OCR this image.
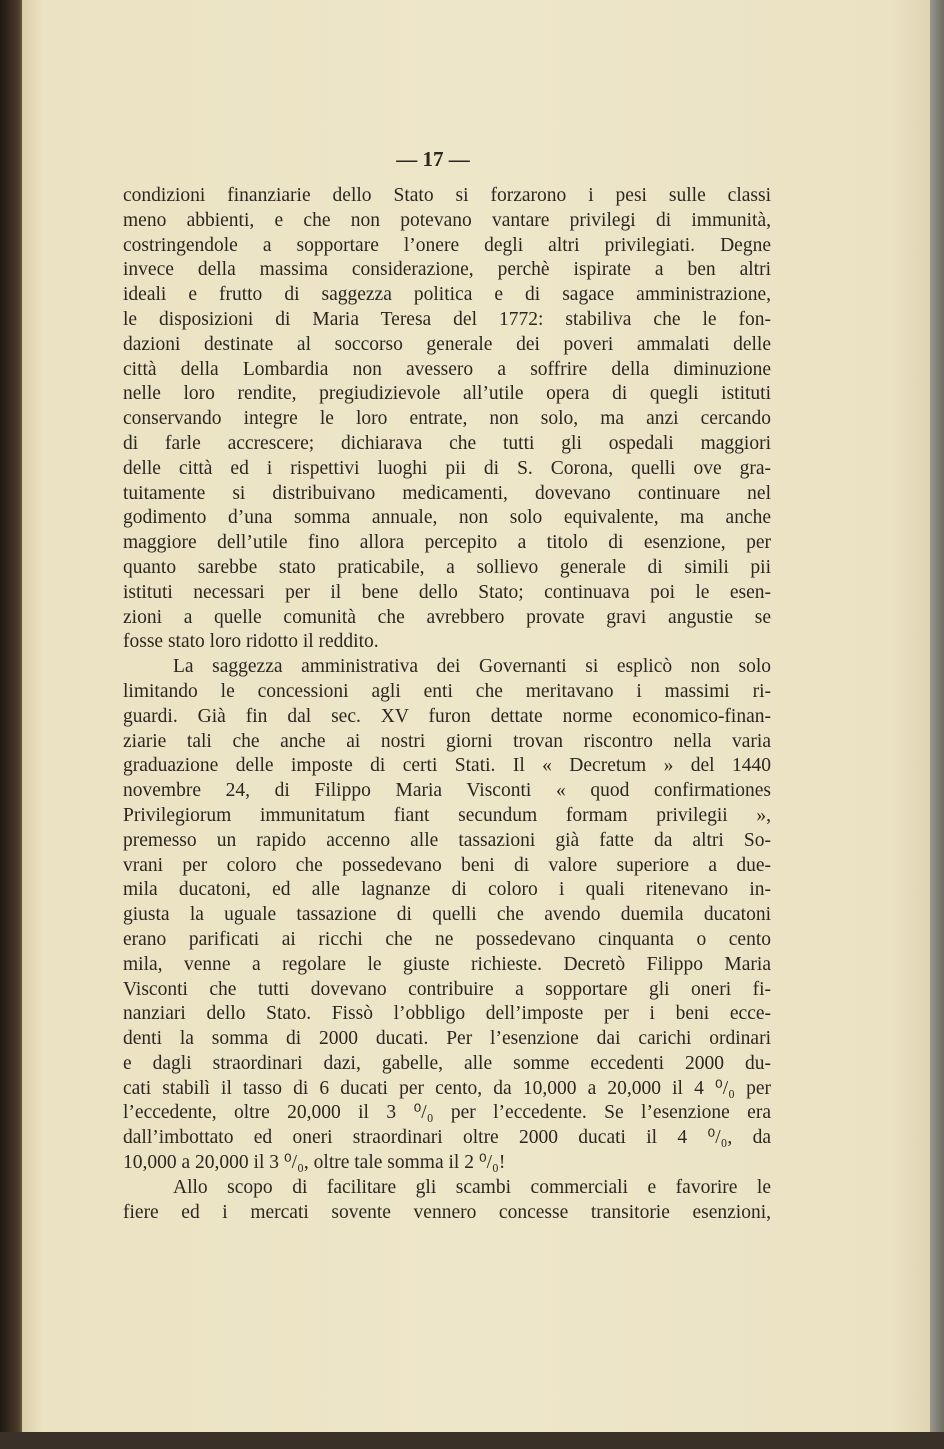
— 17 —
condizioni finanziarie dello Stato si forzarono i pesi sulle classi
meno abbienti, e che non potevano vantare privilegi di immunità,
costringendole a sopportare l’onere degli altri privilegiati. Degne
invece della massima considerazione, perchè ispirate a ben altri
ideali e frutto di saggezza politica e di sagace amministrazione,
le disposizioni di Maria Teresa del 1772: stabiliva che le fon-
dazioni destinate al soccorso generale dei poveri ammalati delle
città della Lombardia non avessero a soffrire della diminuzione
nelle loro rendite, pregiudizievole all’utile opera di quegli istituti
conservando integre le loro entrate, non solo, ma anzi cercando
di farle accrescere; dichiarava che tutti gli ospedali maggiori
delle città ed i rispettivi luoghi pii di S. Corona, quelli ove gra-
tuitamente si distribuivano medicamenti, dovevano continuare nel
godimento d’una somma annuale, non solo equivalente, ma anche
maggiore dell’utile fino allora percepito a titolo di esenzione, per
quanto sarebbe stato praticabile, a sollievo generale di simili pii
istituti necessari per il bene dello Stato; continuava poi le esen-
zioni a quelle comunità che avrebbero provate gravi angustie se
fosse stato loro ridotto il reddito.
La saggezza amministrativa dei Governanti si esplicò non solo
limitando le concessioni agli enti che meritavano i massimi ri-
guardi. Già fin dal sec. XV furon dettate norme economico-finan-
ziarie tali che anche ai nostri giorni trovan riscontro nella varia
graduazione delle imposte di certi Stati. Il « Decretum » del 1440
novembre 24, di Filippo Maria Visconti « quod confirmationes
Privilegiorum immunitatum fiant secundum formam privilegii »,
premesso un rapido accenno alle tassazioni già fatte da altri So-
vrani per coloro che possedevano beni di valore superiore a due-
mila ducatoni, ed alle lagnanze di coloro i quali ritenevano in-
giusta la uguale tassazione di quelli che avendo duemila ducatoni
erano parificati ai ricchi che ne possedevano cinquanta o cento
mila, venne a regolare le giuste richieste. Decretò Filippo Maria
Visconti che tutti dovevano contribuire a sopportare gli oneri fi-
nanziari dello Stato. Fissò l’obbligo dell’imposte per i beni ecce-
denti la somma di 2000 ducati. Per l’esenzione dai carichi ordinari
e dagli straordinari dazi, gabelle, alle somme eccedenti 2000 du-
cati stabilì il tasso di 6 ducati per cento, da 10,000 a 20,000 il 4 ⁰/₀ per
l’eccedente, oltre 20,000 il 3 ⁰/₀ per l’eccedente. Se l’esenzione era
dall’imbottato ed oneri straordinari oltre 2000 ducati il 4 ⁰/₀, da
10,000 a 20,000 il 3 ⁰/₀, oltre tale somma il 2 ⁰/₀!
Allo scopo di facilitare gli scambi commerciali e favorire le
fiere ed i mercati sovente vennero concesse transitorie esenzioni,
